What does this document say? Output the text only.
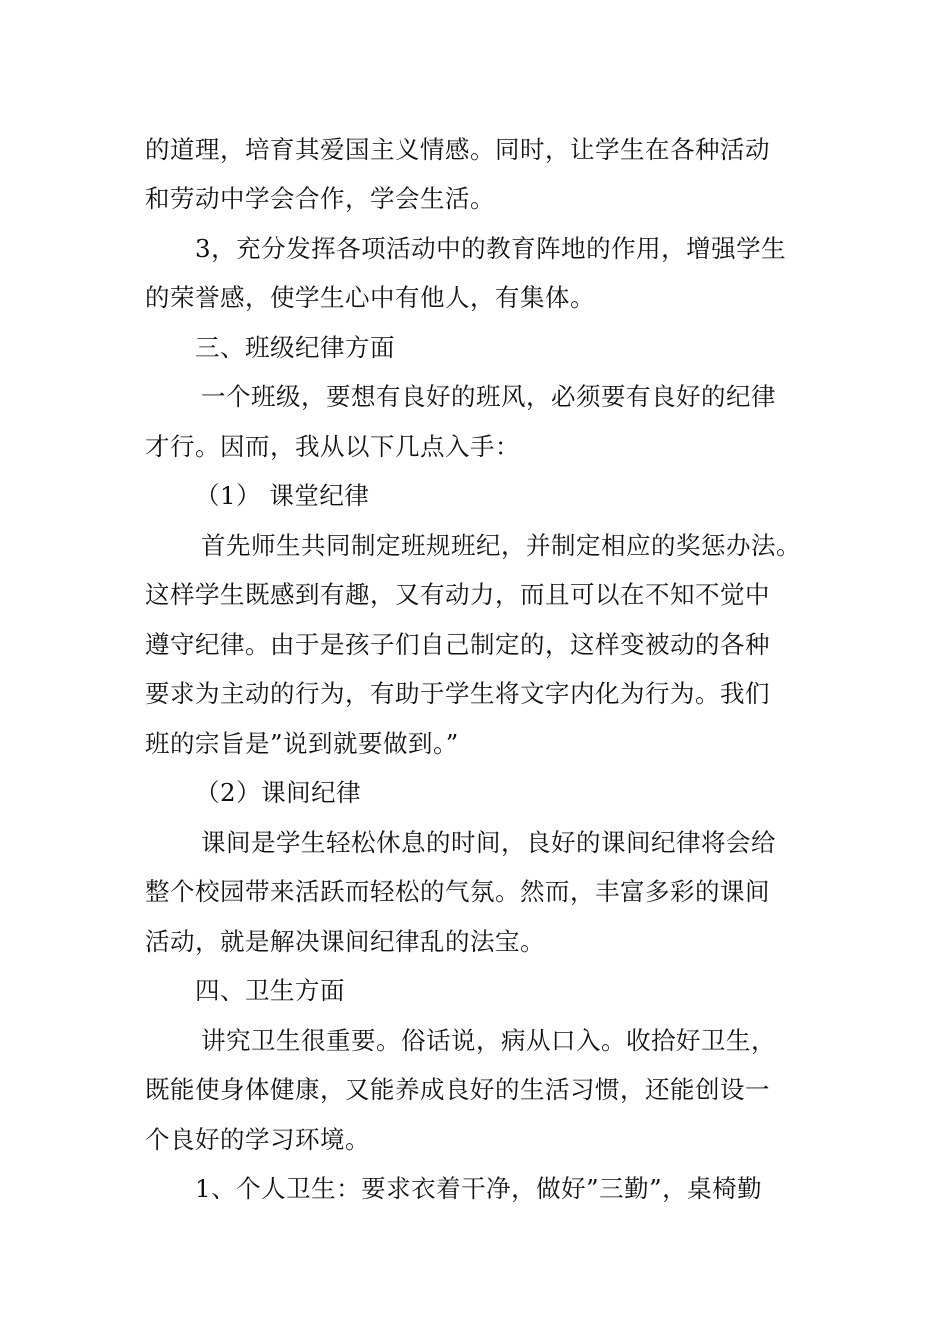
的道理，培育其爱国主义情感。同时，让学生在各种活动
和劳动中学会合作，学会生活。
3，充分发挥各项活动中的教育阵地的作用，增强学生
的荣誉感，使学生心中有他人，有集体。
三、班级纪律方面
一个班级，要想有良好的班风，必须要有良好的纪律
才行。因而，我从以下几点入手：
（1） 课堂纪律
首先师生共同制定班规班纪，并制定相应的奖惩办法。
这样学生既感到有趣，又有动力，而且可以在不知不觉中
遵守纪律。由于是孩子们自己制定的，这样变被动的各种
要求为主动的行为，有助于学生将文字内化为行为。我们
班的宗旨是”说到就要做到。”
（2）课间纪律
课间是学生轻松休息的时间，良好的课间纪律将会给
整个校园带来活跃而轻松的气氛。然而，丰富多彩的课间
活动，就是解决课间纪律乱的法宝。
四、卫生方面
讲究卫生很重要。俗话说，病从口入。收拾好卫生，
既能使身体健康，又能养成良好的生活习惯，还能创设一
个良好的学习环境。
1、个人卫生：要求衣着干净，做好”三勤”，桌椅勤
